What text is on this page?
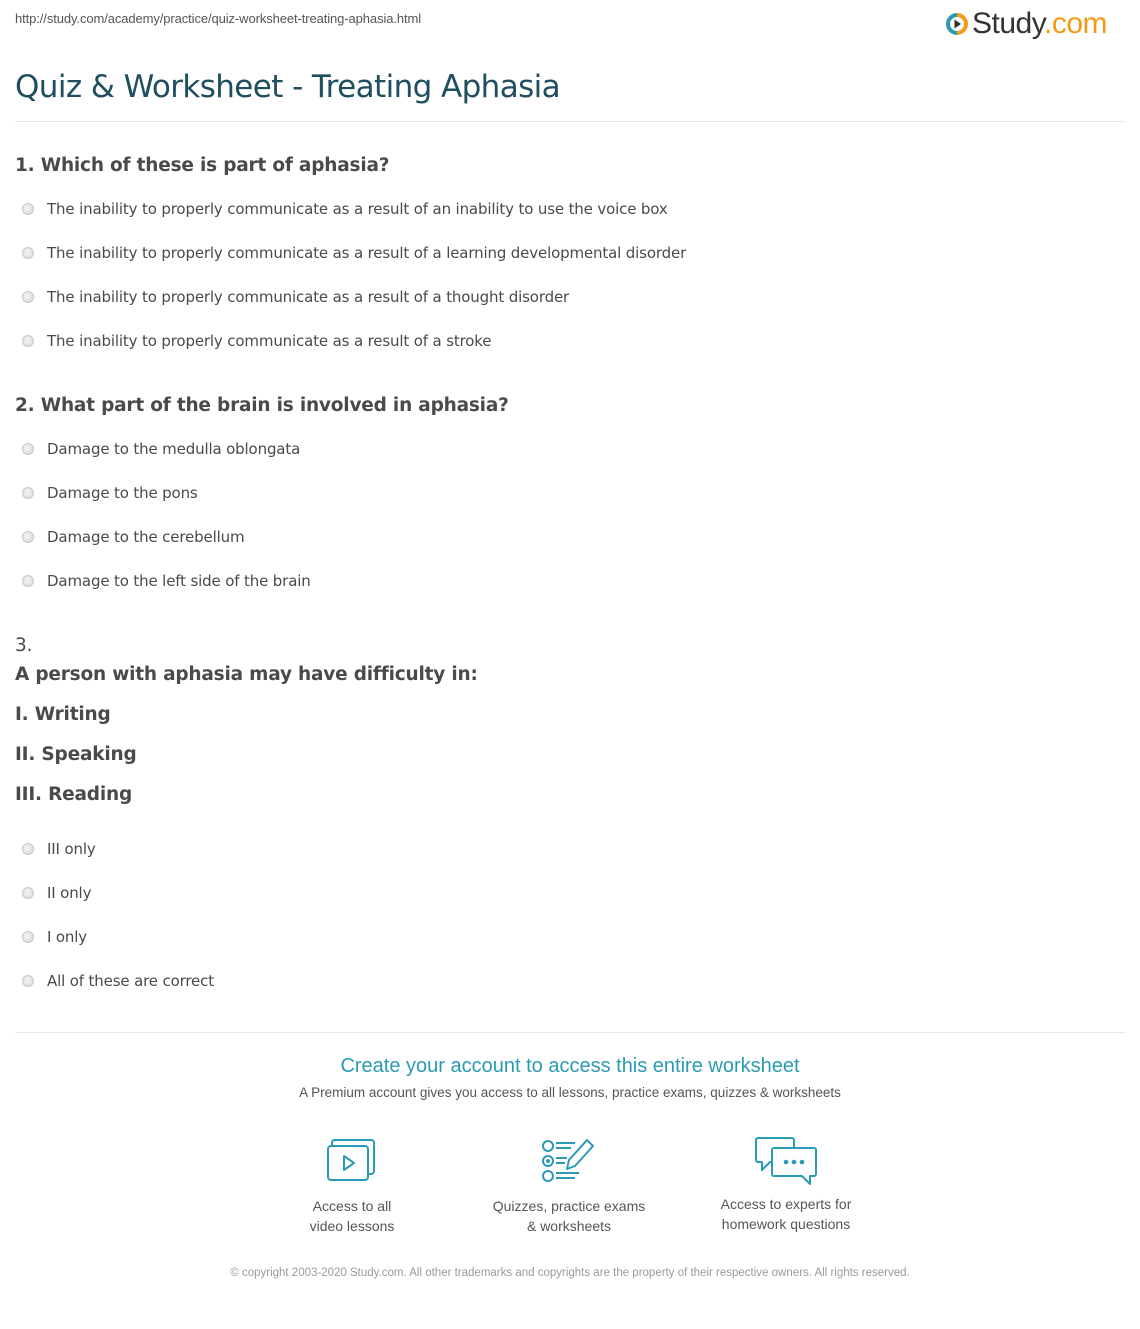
http://study.com/academy/practice/quiz-worksheet-treating-aphasia.html	Study.com
Quiz & Worksheet - Treating Aphasia
1. Which of these is part of aphasia?
The inability to properly communicate as a result of an inability to use the voice box
The inability to properly communicate as a result of a learning developmental disorder
The inability to properly communicate as a result of a thought disorder
The inability to properly communicate as a result of a stroke
2. What part of the brain is involved in aphasia?
Damage to the medulla oblongata
Damage to the pons
Damage to the cerebellum
Damage to the left side of the brain
3.
A person with aphasia may have difficulty in:
I. Writing
II. Speaking
III. Reading
III only
II only
I only
All of these are correct
Create your account to access this entire worksheet
A Premium account gives you access to all lessons, practice exams, quizzes & worksheets
Access to all
video lessons
Quizzes, practice exams
& worksheets
Access to experts for
homework questions
© copyright 2003-2020 Study.com. All other trademarks and copyrights are the property of their respective owners. All rights reserved.
